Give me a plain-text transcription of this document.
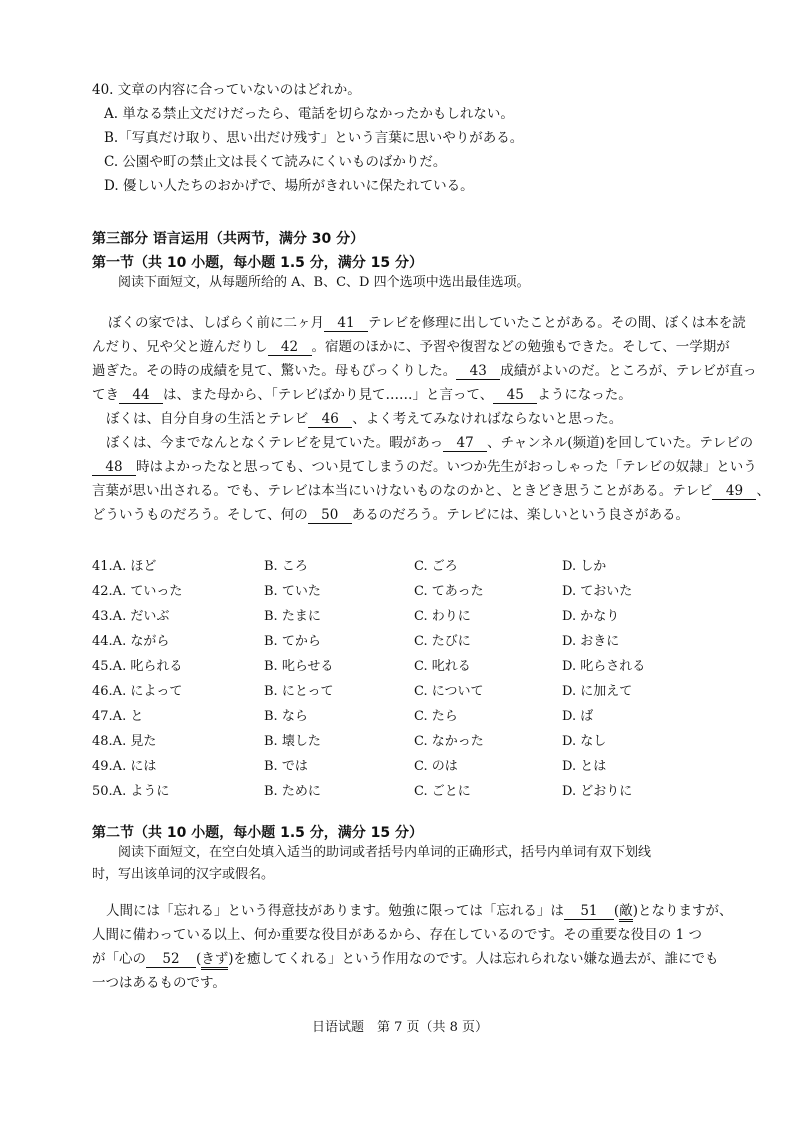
40. 文章の内容に合っていないのはどれか。
A. 単なる禁止文だけだったら、電話を切らなかったかもしれない。
B.「写真だけ取り、思い出だけ残す」という言葉に思いやりがある。
C. 公園や町の禁止文は長くて読みにくいものばかりだ。
D. 優しい人たちのおかげで、場所がきれいに保たれている。
第三部分 语言运用（共两节，满分 30 分）
第一节（共 10 小题，每小题 1.5 分，满分 15 分）
阅读下面短文，从每题所给的 A、B、C、D 四个选项中选出最佳选项。
ぼくの家では、しばらく前に二ヶ月 41 テレビを修理に出していたことがある。その間、ぼくは本を読
んだり、兄や父と遊んだりし 42 。宿題のほかに、予習や復習などの勉強もできた。そして、一学期が
過ぎた。その時の成績を見て、驚いた。母もびっくりした。 43 成績がよいのだ。ところが、テレビが直っ
てき 44 は、また母から、「テレビばかり見て……」と言って、 45 ようになった。
ぼくは、自分自身の生活とテレビ 46 、よく考えてみなければならないと思った。
ぼくは、今までなんとなくテレビを見ていた。暇があっ 47 、チャンネル(频道)を回していた。テレビの
48 時はよかったなと思っても、つい見てしまうのだ。いつか先生がおっしゃった「テレビの奴隷」という
言葉が思い出される。でも、テレビは本当にいけないものなのかと、ときどき思うことがある。テレビ 49 、
どういうものだろう。そして、何の 50 あるのだろう。テレビには、楽しいという良さがある。
41.A. ほど	B. ころ	C. ごろ	D. しか
42.A. ていった	B. ていた	C. てあった	D. ておいた
43.A. だいぶ	B. たまに	C. わりに	D. かなり
44.A. ながら	B. てから	C. たびに	D. おきに
45.A. 叱られる	B. 叱らせる	C. 叱れる	D. 叱らされる
46.A. によって	B. にとって	C. について	D. に加えて
47.A. と	B. なら	C. たら	D. ば
48.A. 見た	B. 壊した	C. なかった	D. なし
49.A. には	B. では	C. のは	D. とは
50.A. ように	B. ために	C. ごとに	D. どおりに
第二节（共 10 小题，每小题 1.5 分，满分 15 分）
阅读下面短文，在空白处填入适当的助词或者括号内单词的正确形式，括号内单词有双下划线
时，写出该单词的汉字或假名。
人間には「忘れる」という得意技があります。勉強に限っては「忘れる」は 51 (敵)となりますが、
人間に備わっている以上、何か重要な役目があるから、存在しているのです。その重要な役目の 1 つ
が「心の 52 (きず)を癒してくれる」という作用なのです。人は忘れられない嫌な過去が、誰にでも
一つはあるものです。
日语试题　第 7 页（共 8 页）
